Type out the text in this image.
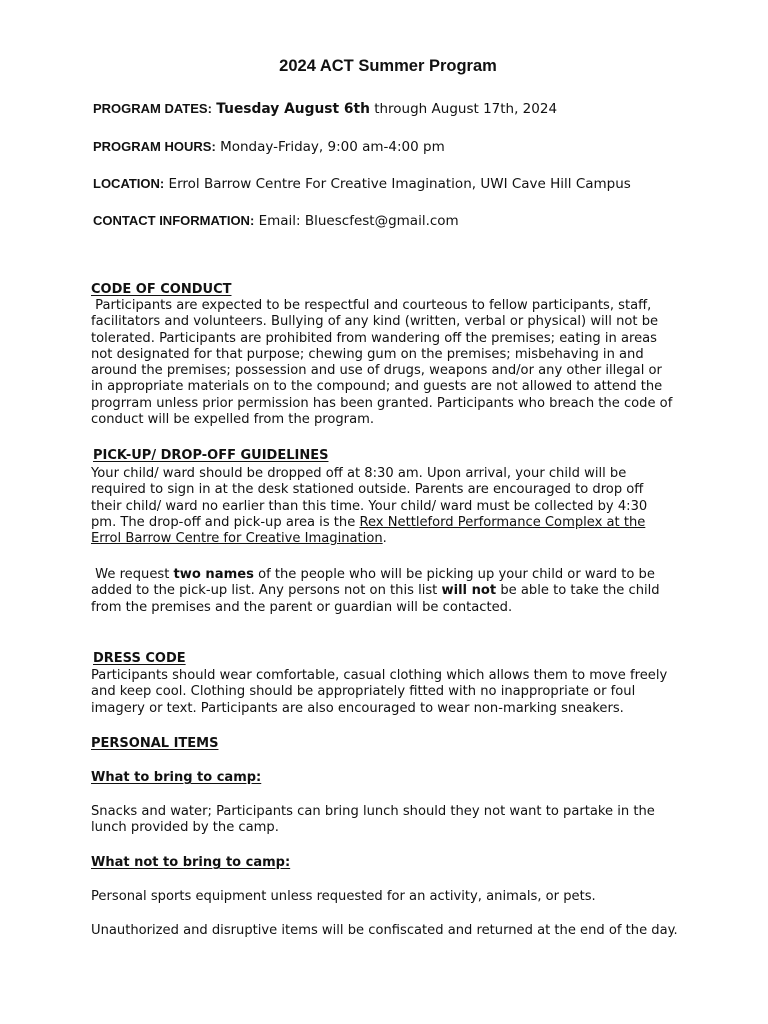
2024 ACT Summer Program
PROGRAM DATES: Tuesday August 6th through August 17th, 2024
PROGRAM HOURS: Monday-Friday, 9:00 am-4:00 pm
LOCATION: Errol Barrow Centre For Creative Imagination, UWI Cave Hill Campus
CONTACT INFORMATION: Email: Bluescfest@gmail.com
CODE OF CONDUCT
Participants are expected to be respectful and courteous to fellow participants, staff,
facilitators and volunteers. Bullying of any kind (written, verbal or physical) will not be
tolerated. Participants are prohibited from wandering off the premises; eating in areas
not designated for that purpose; chewing gum on the premises; misbehaving in and
around the premises; possession and use of drugs, weapons and/or any other illegal or
in appropriate materials on to the compound; and guests are not allowed to attend the
progrram unless prior permission has been granted. Participants who breach the code of
conduct will be expelled from the program.
PICK-UP/ DROP-OFF GUIDELINES
Your child/ ward should be dropped off at 8:30 am. Upon arrival, your child will be
required to sign in at the desk stationed outside. Parents are encouraged to drop off
their child/ ward no earlier than this time. Your child/ ward must be collected by 4:30
pm. The drop-off and pick-up area is the Rex Nettleford Performance Complex at the
Errol Barrow Centre for Creative Imagination.
We request two names of the people who will be picking up your child or ward to be
added to the pick-up list. Any persons not on this list will not be able to take the child
from the premises and the parent or guardian will be contacted.
DRESS CODE
Participants should wear comfortable, casual clothing which allows them to move freely
and keep cool. Clothing should be appropriately fitted with no inappropriate or foul
imagery or text. Participants are also encouraged to wear non-marking sneakers.
PERSONAL ITEMS
What to bring to camp:
Snacks and water; Participants can bring lunch should they not want to partake in the
lunch provided by the camp.
What not to bring to camp:
Personal sports equipment unless requested for an activity, animals, or pets.
Unauthorized and disruptive items will be confiscated and returned at the end of the day.
